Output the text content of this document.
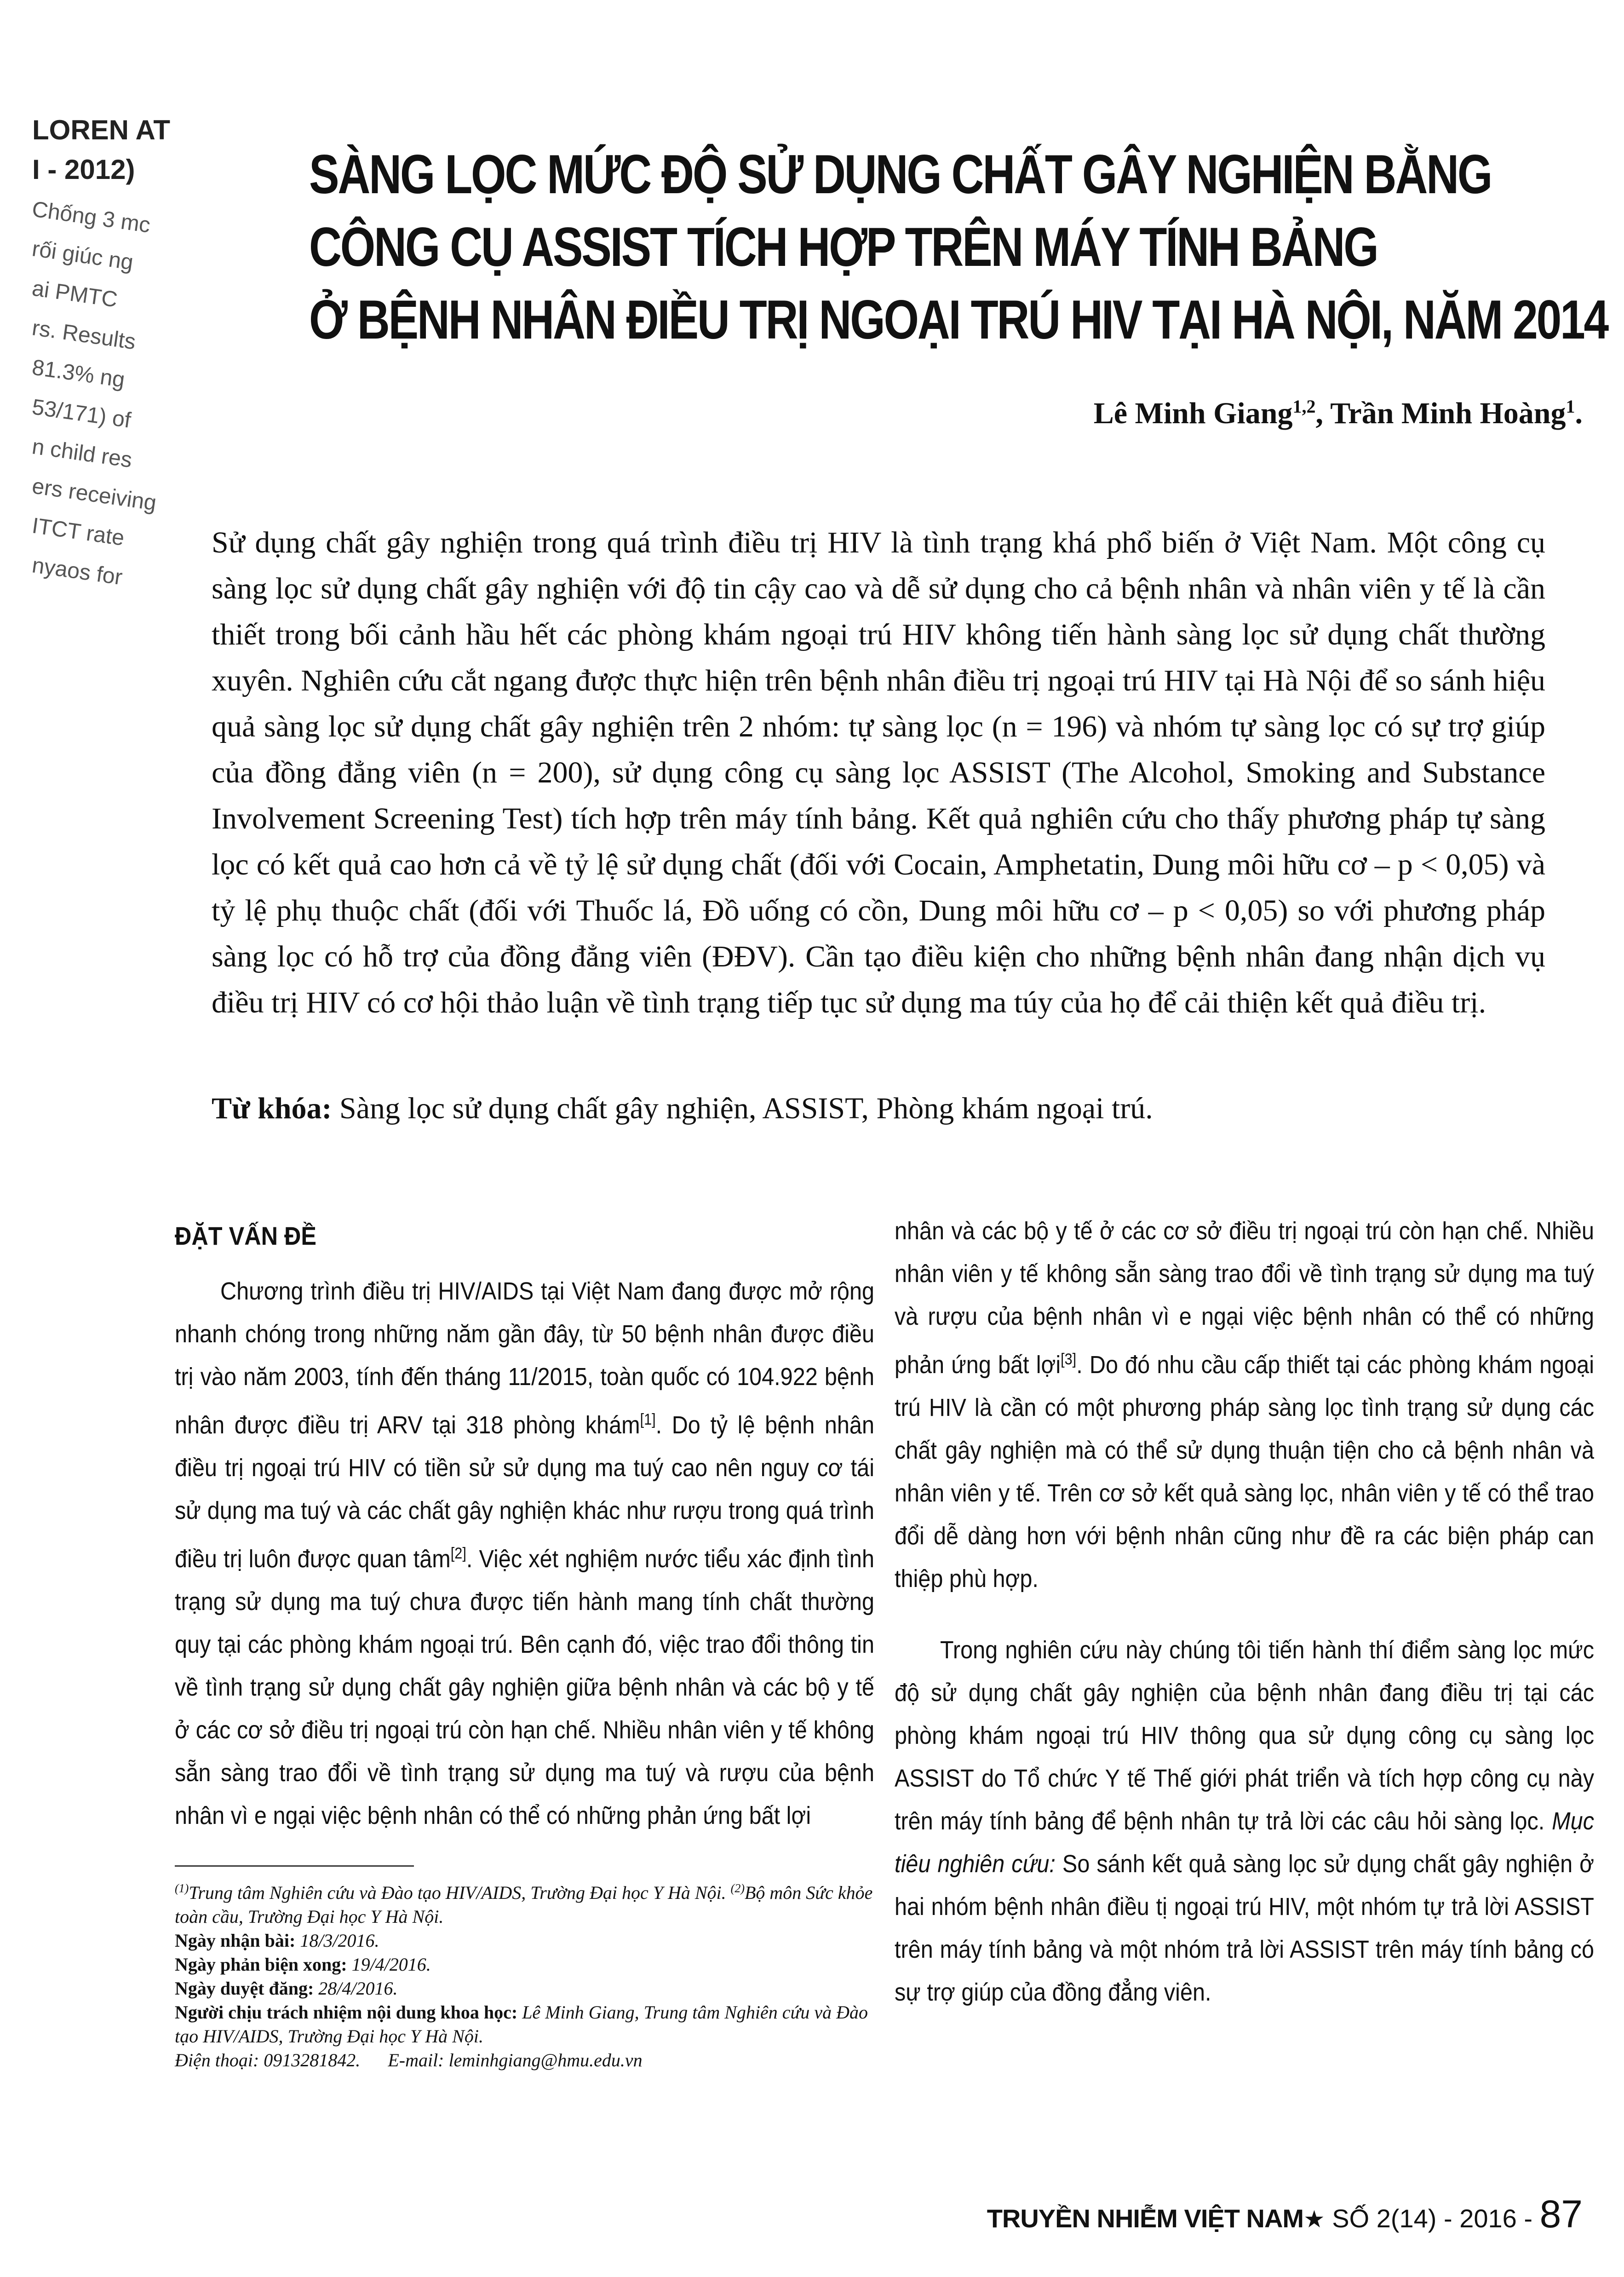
LOREN AT
I - 2012)
Chống 3 mc
rối giúc ng
ai PMTC
rs. Results
81.3% ng
53/171) of
n child res
ers receiving
ITCT rate
nyaos for
SÀNG LỌC MỨC ĐỘ SỬ DỤNG CHẤT GÂY NGHIỆN BẰNG
CÔNG CỤ ASSIST TÍCH HỢP TRÊN MÁY TÍNH BẢNG
Ở BỆNH NHÂN ĐIỀU TRỊ NGOẠI TRÚ HIV TẠI HÀ NỘI, NĂM 2014
Lê Minh Giang$^{1,2}$, Trần Minh Hoàng$^1$.
Sử dụng chất gây nghiện trong quá trình điều trị HIV là tình trạng khá phổ biến ở Việt Nam. Một công cụ sàng lọc sử dụng chất gây nghiện với độ tin cậy cao và dễ sử dụng cho cả bệnh nhân và nhân viên y tế là cần thiết trong bối cảnh hầu hết các phòng khám ngoại trú HIV không tiến hành sàng lọc sử dụng chất thường xuyên. Nghiên cứu cắt ngang được thực hiện trên bệnh nhân điều trị ngoại trú HIV tại Hà Nội để so sánh hiệu quả sàng lọc sử dụng chất gây nghiện trên 2 nhóm: tự sàng lọc (n = 196) và nhóm tự sàng lọc có sự trợ giúp của đồng đẳng viên (n = 200), sử dụng công cụ sàng lọc ASSIST (The Alcohol, Smoking and Substance Involvement Screening Test) tích hợp trên máy tính bảng. Kết quả nghiên cứu cho thấy phương pháp tự sàng lọc có kết quả cao hơn cả về tỷ lệ sử dụng chất (đối với Cocain, Amphetatin, Dung môi hữu cơ – p < 0,05) và tỷ lệ phụ thuộc chất (đối với Thuốc lá, Đồ uống có cồn, Dung môi hữu cơ – p < 0,05) so với phương pháp sàng lọc có hỗ trợ của đồng đẳng viên (ĐĐV). Cần tạo điều kiện cho những bệnh nhân đang nhận dịch vụ điều trị HIV có cơ hội thảo luận về tình trạng tiếp tục sử dụng ma túy của họ để cải thiện kết quả điều trị.
Từ khóa: Sàng lọc sử dụng chất gây nghiện, ASSIST, Phòng khám ngoại trú.

ĐẶT VẤN ĐỀ

Chương trình điều trị HIV/AIDS tại Việt Nam đang được mở rộng nhanh chóng trong những năm gần đây, từ 50 bệnh nhân được điều trị vào năm 2003, tính đến tháng 11/2015, toàn quốc có 104.922 bệnh nhân được điều trị ARV tại 318 phòng khám[1]. Do tỷ lệ bệnh nhân điều trị ngoại trú HIV có tiền sử sử dụng ma tuý cao nên nguy cơ tái sử dụng ma tuý và các chất gây nghiện khác như rượu trong quá trình điều trị luôn được quan tâm[2]. Việc xét nghiệm nước tiểu xác định tình trạng sử dụng ma tuý chưa được tiến hành mang tính chất thường quy tại các phòng khám ngoại trú. Bên cạnh đó, việc trao đổi thông tin về tình trạng sử dụng chất gây nghiện giữa bệnh nhân và các bộ y tế ở các cơ sở điều trị ngoại trú còn hạn chế. Nhiều nhân viên y tế không sẵn sàng trao đổi về tình trạng sử dụng ma tuý và rượu của bệnh nhân vì e ngại việc bệnh nhân có thể có những phản ứng bất lợi

nhân và các bộ y tế ở các cơ sở điều trị ngoại trú còn hạn chế. Nhiều nhân viên y tế không sẵn sàng trao đổi về tình trạng sử dụng ma tuý và rượu của bệnh nhân vì e ngại việc bệnh nhân có thể có những phản ứng bất lợi[3]. Do đó nhu cầu cấp thiết tại các phòng khám ngoại trú HIV là cần có một phương pháp sàng lọc tình trạng sử dụng các chất gây nghiện mà có thể sử dụng thuận tiện cho cả bệnh nhân và nhân viên y tế. Trên cơ sở kết quả sàng lọc, nhân viên y tế có thể trao đổi dễ dàng hơn với bệnh nhân cũng như đề ra các biện pháp can thiệp phù hợp.

Trong nghiên cứu này chúng tôi tiến hành thí điểm sàng lọc mức độ sử dụng chất gây nghiện của bệnh nhân đang điều trị tại các phòng khám ngoại trú HIV thông qua sử dụng công cụ sàng lọc ASSIST do Tổ chức Y tế Thế giới phát triển và tích hợp công cụ này trên máy tính bảng để bệnh nhân tự trả lời các câu hỏi sàng lọc. Mục tiêu nghiên cứu: So sánh kết quả sàng lọc sử dụng chất gây nghiện ở hai nhóm bệnh nhân điều tị ngoại trú HIV, một nhóm tự trả lời ASSIST trên máy tính bảng và một nhóm trả lời ASSIST trên máy tính bảng có sự trợ giúp của đồng đẳng viên.

$^{(1)}$Trung tâm Nghiên cứu và Đào tạo HIV/AIDS, Trường Đại học Y Hà Nội. $^{(2)}$Bộ môn Sức khỏe toàn cầu, Trường Đại học Y Hà Nội.
Ngày nhận bài: 18/3/2016.
Ngày phản biện xong: 19/4/2016.
Ngày duyệt đăng: 28/4/2016.
Người chịu trách nhiệm nội dung khoa học: Lê Minh Giang, Trung tâm Nghiên cứu và Đào tạo HIV/AIDS, Trường Đại học Y Hà Nội.
Điện thoại: 0913281842. E-mail: leminhgiang@hmu.edu.vn
TRUYỀN NHIỄM VIỆT NAM★ SỐ 2(14) - 2016 - 87
